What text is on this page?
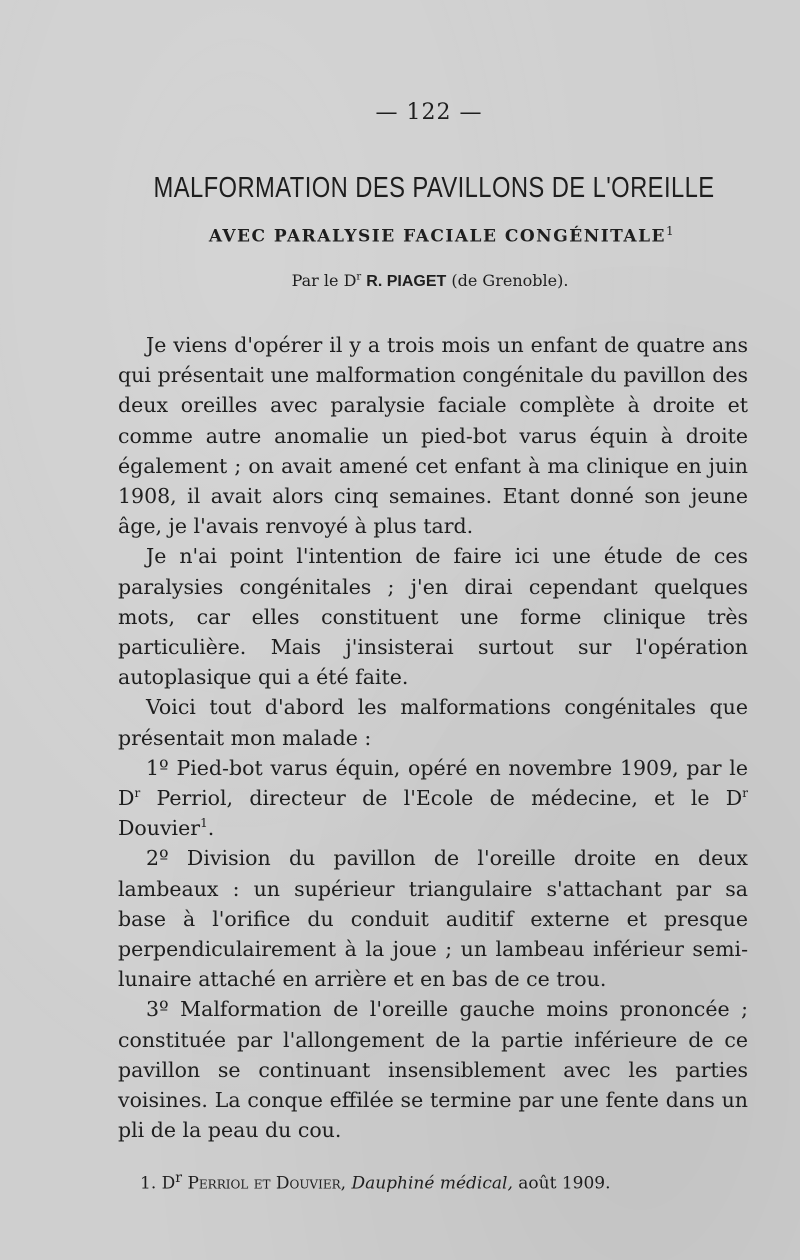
— 122 —
MALFORMATION DES PAVILLONS DE L'OREILLE
AVEC PARALYSIE FACIALE CONGÉNITALE$^1$
Par le $D^r$ R. PIAGET (de Grenoble).

Je viens d'opérer il y a trois mois un enfant de quatre ans qui présentait une malformation congénitale du pavillon des deux oreilles avec paralysie faciale complète à droite et comme autre anomalie un pied-bot varus équin à droite également ; on avait amené cet enfant à ma clinique en juin 1908, il avait alors cinq semaines. Etant donné son jeune âge, je l'avais renvoyé à plus tard.

Je n'ai point l'intention de faire ici une étude de ces paralysies congénitales ; j'en dirai cependant quelques mots, car elles constituent une forme clinique très particulière. Mais j'insisterai surtout sur l'opération autoplasique qui a été faite.

Voici tout d'abord les malformations congénitales que présentait mon malade :

1º Pied-bot varus équin, opéré en novembre 1909, par le $D^r$ Perriol, directeur de l'Ecole de médecine, et le $D^r$ Douvier$^1$.

2º Division du pavillon de l'oreille droite en deux lambeaux : un supérieur triangulaire s'attachant par sa base à l'orifice du conduit auditif externe et presque perpendiculairement à la joue ; un lambeau inférieur semi-lunaire attaché en arrière et en bas de ce trou.

3º Malformation de l'oreille gauche moins prononcée ; constituée par l'allongement de la partie inférieure de ce pavillon se continuant insensiblement avec les parties voisines. La conque effilée se termine par une fente dans un pli de la peau du cou.

1. $D^r$ Perriol et Douvier, Dauphiné médical, août 1909.
